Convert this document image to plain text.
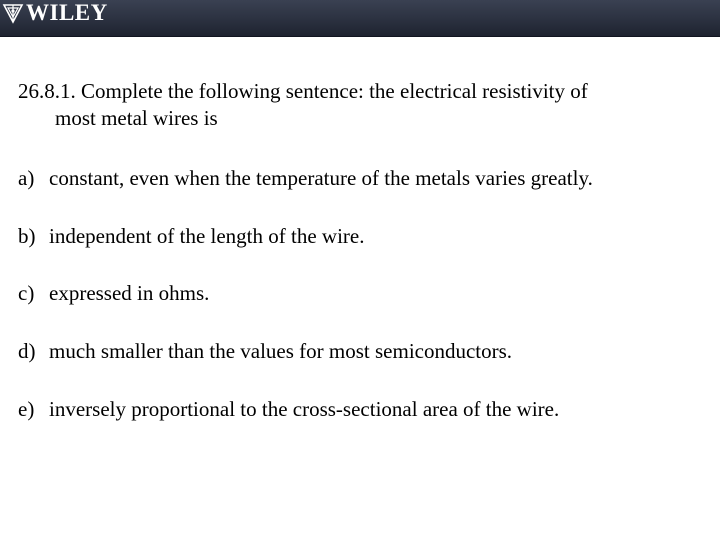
WILEY

26.8.1. Complete the following sentence: the electrical resistivity of
most metal wires is

a) constant, even when the temperature of the metals varies greatly.

b) independent of the length of the wire.

c) expressed in ohms.

d) much smaller than the values for most semiconductors.

e) inversely proportional to the cross-sectional area of the wire.
